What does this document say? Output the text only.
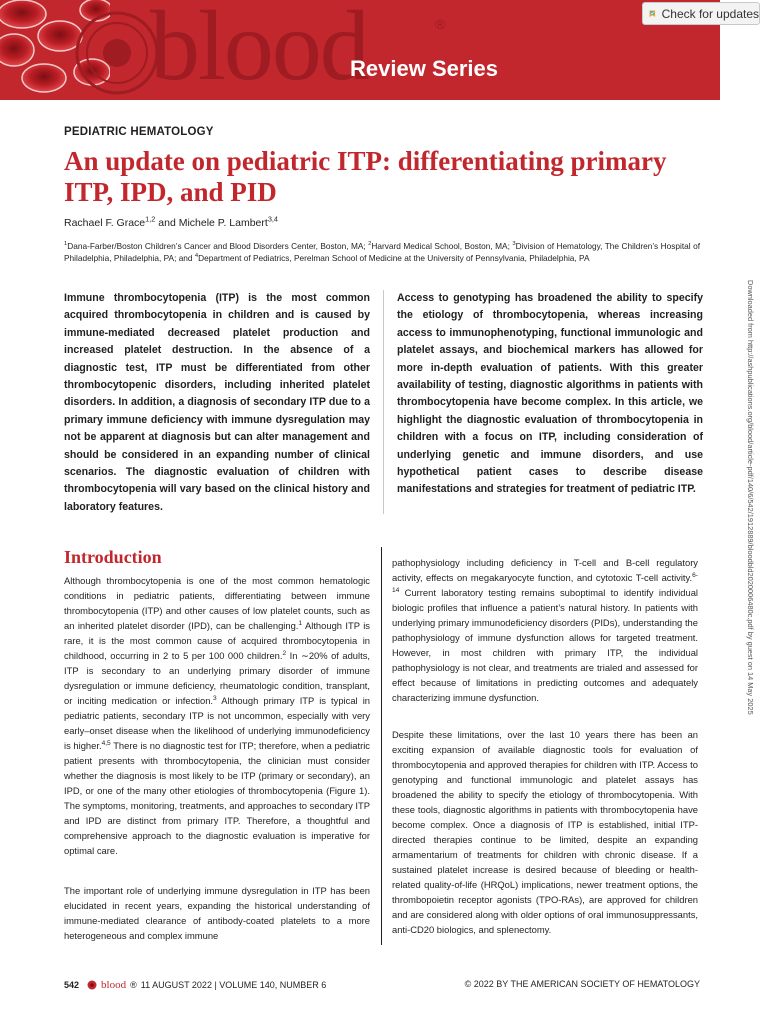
blood	®
Review Series
Check for updates
PEDIATRIC HEMATOLOGY
An update on pediatric ITP: differentiating primary ITP, IPD, and PID
Rachael F. Grace$^{1,2}$ and Michele P. Lambert$^{3,4}$
$^1$Dana-Farber/Boston Children’s Cancer and Blood Disorders Center, Boston, MA; $^2$Harvard Medical School, Boston, MA; $^3$Division of Hematology, The Children’s Hospital of Philadelphia, Philadelphia, PA; and $^4$Department of Pediatrics, Perelman School of Medicine at the University of Pennsylvania, Philadelphia, PA

Immune thrombocytopenia (ITP) is the most common acquired thrombocytopenia in children and is caused by immune-mediated decreased platelet production and increased platelet destruction. In the absence of a diagnostic test, ITP must be differentiated from other thrombocytopenic disorders, including inherited platelet disorders. In addition, a diagnosis of secondary ITP due to a primary immune deficiency with immune dysregulation may not be apparent at diagnosis but can alter management and should be considered in an expanding number of clinical scenarios. The diagnostic evaluation of children with thrombocytopenia will vary based on the clinical history and laboratory features.

Access to genotyping has broadened the ability to specify the etiology of thrombocytopenia, whereas increasing access to immunophenotyping, functional immunologic and platelet assays, and biochemical markers has allowed for more in-depth evaluation of patients. With this greater availability of testing, diagnostic algorithms in patients with thrombocytopenia have become complex. In this article, we highlight the diagnostic evaluation of thrombocytopenia in children with a focus on ITP, including consideration of underlying genetic and immune disorders, and use hypothetical patient cases to describe disease manifestations and strategies for treatment of pediatric ITP.

Introduction

Although thrombocytopenia is one of the most common hematologic conditions in pediatric patients, differentiating between immune thrombocytopenia (ITP) and other causes of low platelet counts, such as an inherited platelet disorder (IPD), can be challenging.$^1$ Although ITP is rare, it is the most common cause of acquired thrombocytopenia in childhood, occurring in 2 to 5 per 100 000 children.$^2$ In ∼20% of adults, ITP is secondary to an underlying primary disorder of immune dysregulation or immune deficiency, rheumatologic condition, transplant, or inciting medication or infection.$^3$ Although primary ITP is typical in pediatric patients, secondary ITP is not uncommon, especially with very early–onset disease when the likelihood of underlying immunodeficiency is higher.$^{4,5}$ There is no diagnostic test for ITP; therefore, when a pediatric patient presents with thrombocytopenia, the clinician must consider whether the diagnosis is most likely to be ITP (primary or secondary), an IPD, or one of the many other etiologies of thrombocytopenia (Figure 1). The symptoms, monitoring, treatments, and approaches to secondary ITP and IPD are distinct from primary ITP. Therefore, a thoughtful and comprehensive approach to the diagnostic evaluation is imperative for optimal care.

The important role of underlying immune dysregulation in ITP has been elucidated in recent years, expanding the historical understanding of immune-mediated clearance of antibody-coated platelets to a more heterogeneous and complex immune

pathophysiology including deficiency in T-cell and B-cell regulatory activity, effects on megakaryocyte function, and cytotoxic T-cell activity.$^{6-14}$ Current laboratory testing remains suboptimal to identify individual biologic profiles that influence a patient’s natural history. In patients with underlying primary immunodeficiency disorders (PIDs), understanding the pathophysiology of immune dysfunction allows for targeted treatment. However, in most children with primary ITP, the individual pathophysiology is not clear, and treatments are trialed and assessed for effect because of limitations in predicting outcomes and adequately characterizing immune dysfunction.

Despite these limitations, over the last 10 years there has been an exciting expansion of available diagnostic tools for evaluation of thrombocytopenia and approved therapies for children with ITP. Access to genotyping and functional immunologic and platelet assays has broadened the ability to specify the etiology of thrombocytopenia. With these tools, diagnostic algorithms in patients with thrombocytopenia have become complex. Once a diagnosis of ITP is established, initial ITP-directed therapies continue to be limited, despite an expanding armamentarium of treatments for children with chronic disease. If a sustained platelet increase is desired because of bleeding or health-related quality-of-life (HRQoL) implications, newer treatment options, the thrombopoietin receptor agonists (TPO-RAs), are approved for children and are considered along with older options of oral immunosuppressants, anti-CD20 biologics, and splenectomy.

Downloaded from http://ashpublications.org/blood/article-pdf/140/6/542/1912889/bloodbld2020006480c.pdf by guest on 14 May 2025
542 blood ® 11 AUGUST 2022 | VOLUME 140, NUMBER 6	© 2022 BY THE AMERICAN SOCIETY OF HEMATOLOGY
